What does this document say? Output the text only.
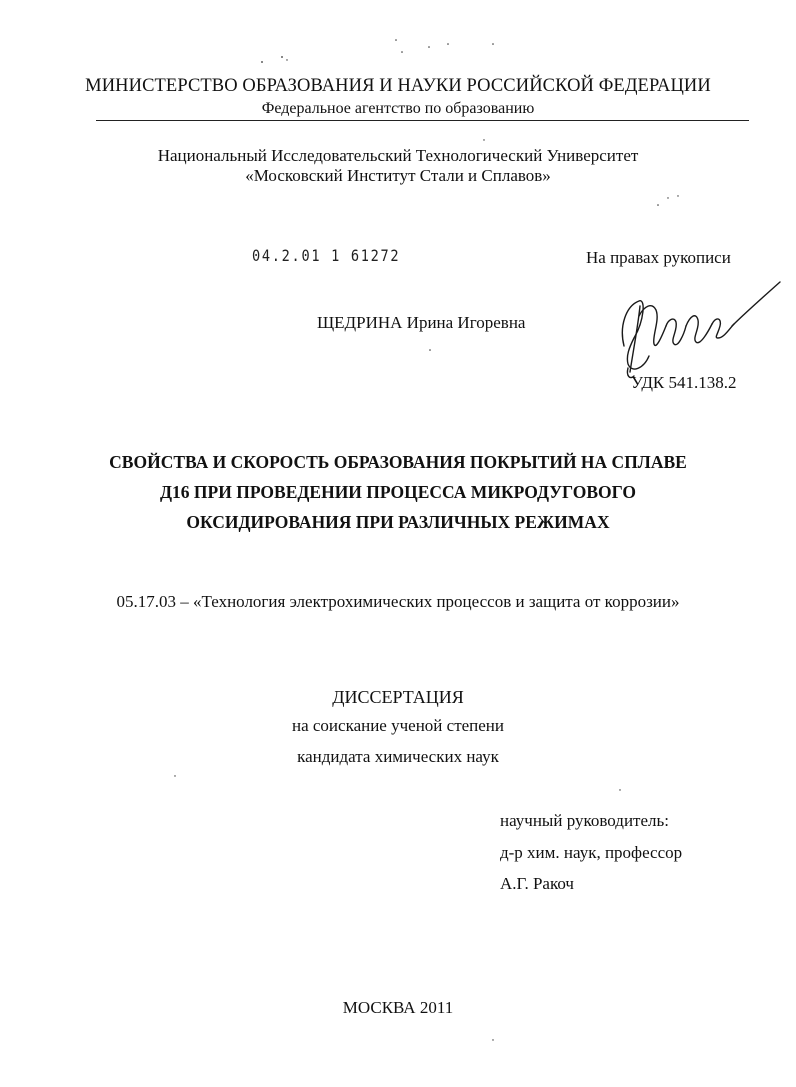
МИНИСТЕРСТВО ОБРАЗОВАНИЯ И НАУКИ РОССИЙСКОЙ ФЕДЕРАЦИИ
Федеральное агентство по образованию
Национальный Исследовательский Технологический Университет
«Московский Институт Стали и Сплавов»
04.2.01 1 61272	На правах рукописи
ЩЕДРИНА Ирина Игоревна
УДК 541.138.2
СВОЙСТВА И СКОРОСТЬ ОБРАЗОВАНИЯ ПОКРЫТИЙ НА СПЛАВЕ
Д16 ПРИ ПРОВЕДЕНИИ ПРОЦЕССА МИКРОДУГОВОГО
ОКСИДИРОВАНИЯ ПРИ РАЗЛИЧНЫХ РЕЖИМАХ
05.17.03 – «Технология электрохимических процессов и защита от коррозии»
ДИССЕРТАЦИЯ
на соискание ученой степени
кандидата химических наук
научный руководитель:
д-р хим. наук, профессор
А.Г. Ракоч
МОСКВА 2011
